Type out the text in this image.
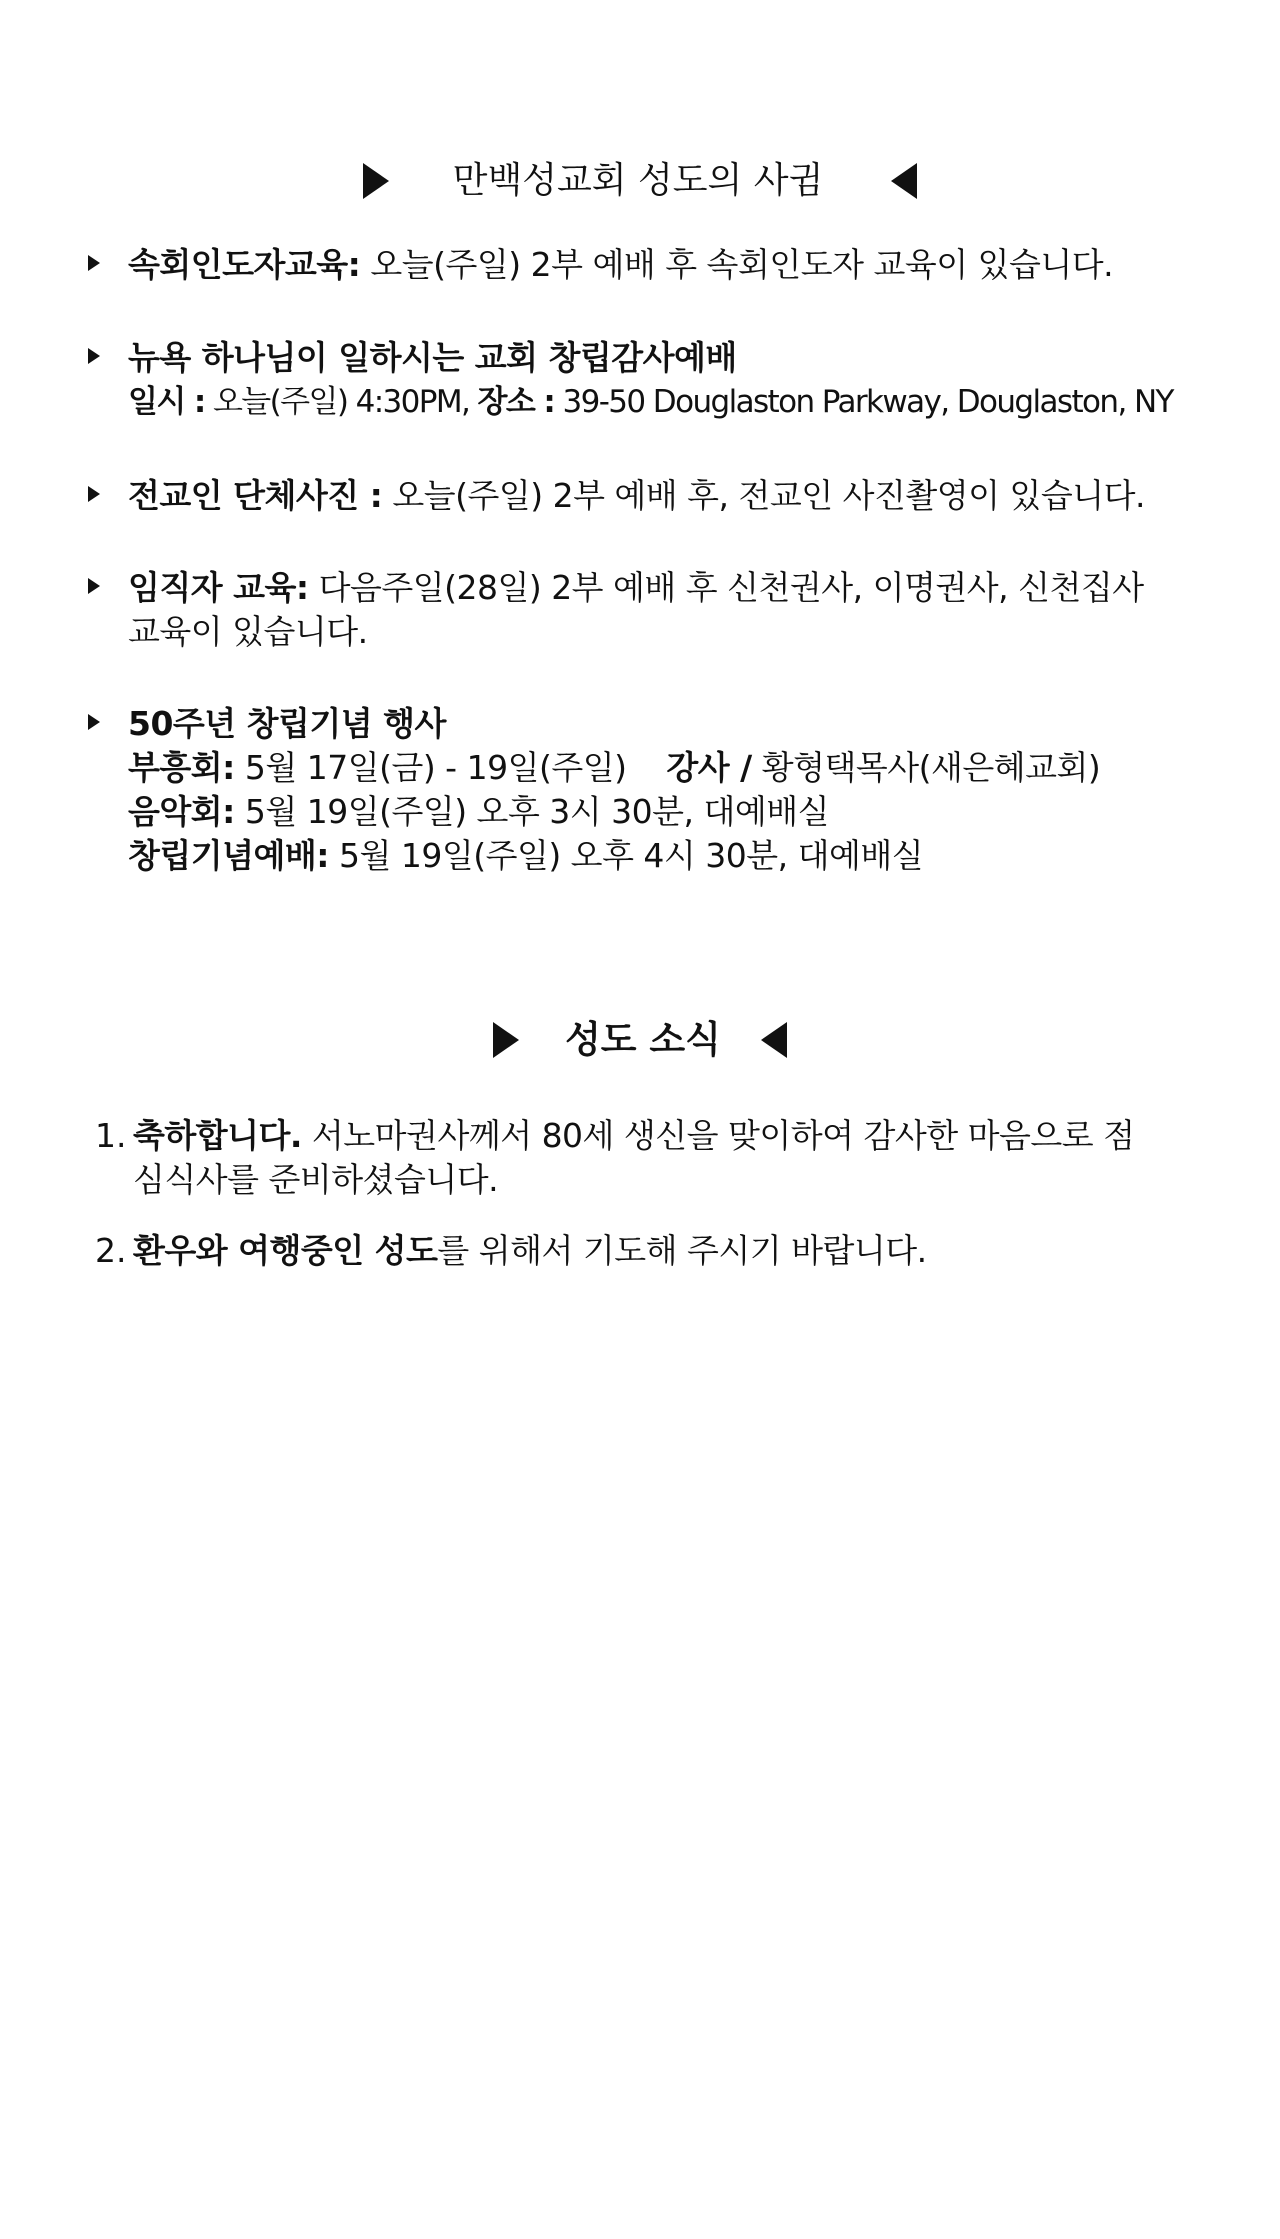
만백성교회 성도의 사귐
속회인도자교육: 오늘(주일) 2부 예배 후 속회인도자 교육이 있습니다.
뉴욕 하나님이 일하시는 교회 창립감사예배
일시 : 오늘(주일) 4:30PM, 장소 : 39-50 Douglaston Parkway, Douglaston, NY
전교인 단체사진 : 오늘(주일) 2부 예배 후, 전교인 사진촬영이 있습니다.
임직자 교육: 다음주일(28일) 2부 예배 후 신천권사, 이명권사, 신천집사
교육이 있습니다.
50주년 창립기념 행사
부흥회: 5월 17일(금) - 19일(주일)    강사 / 황형택목사(새은혜교회)
음악회: 5월 19일(주일) 오후 3시 30분, 대예배실
창립기념예배: 5월 19일(주일) 오후 4시 30분, 대예배실
성도 소식
1. 축하합니다. 서노마권사께서 80세 생신을 맞이하여 감사한 마음으로 점
심식사를 준비하셨습니다.
2. 환우와 여행중인 성도를 위해서 기도해 주시기 바랍니다.
